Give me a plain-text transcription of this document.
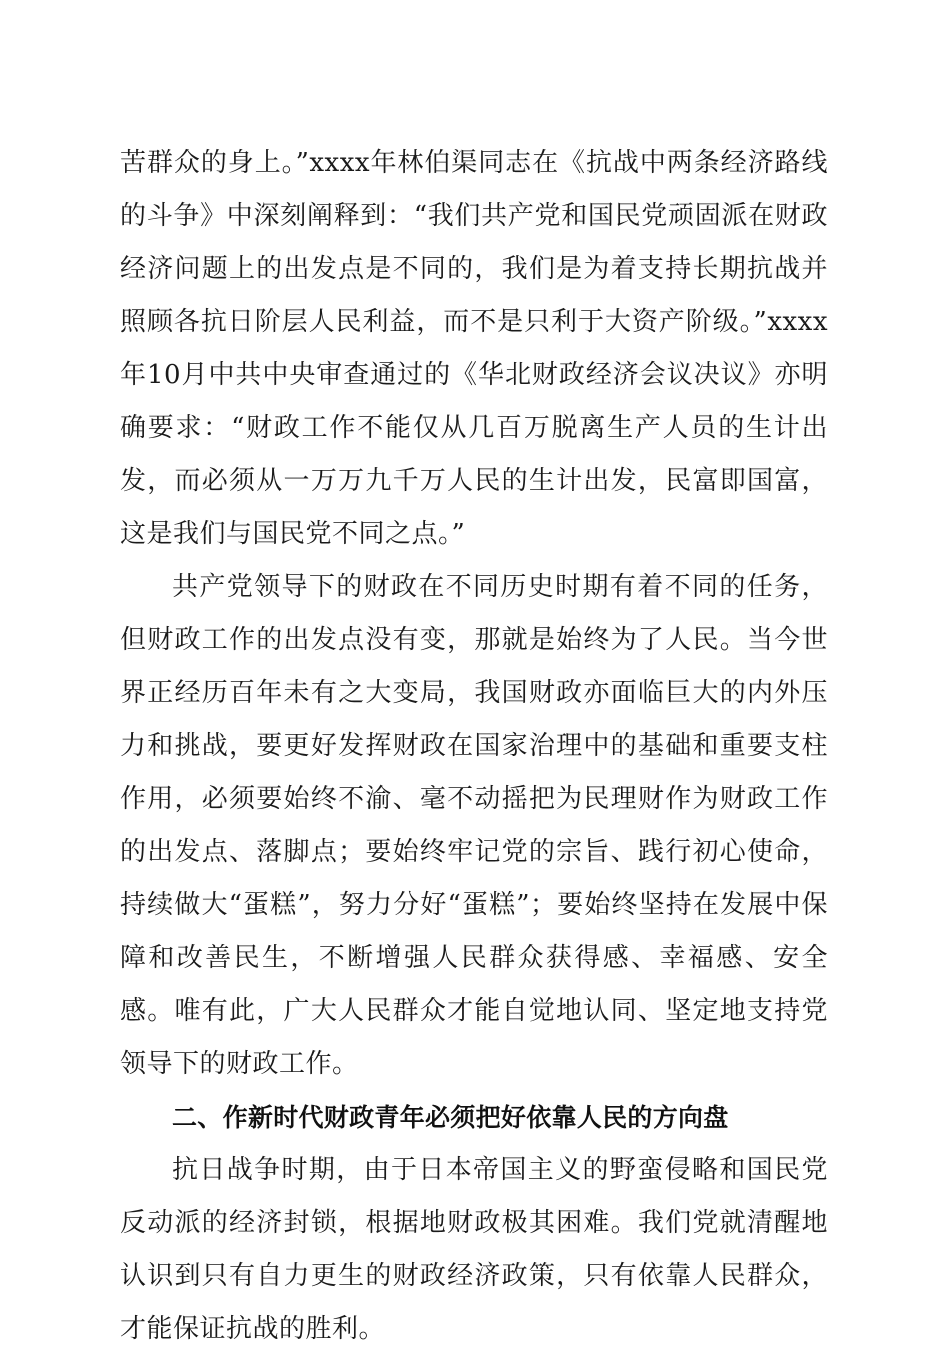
苦群众的身上。”xxxx年林伯渠同志在《抗战中两条经济路线的斗争》中深刻阐释到：“我们共产党和国民党顽固派在财政经济问题上的出发点是不同的，我们是为着支持长期抗战并照顾各抗日阶层人民利益，而不是只利于大资产阶级。”xxxx年10月中共中央审查通过的《华北财政经济会议决议》亦明确要求：“财政工作不能仅从几百万脱离生产人员的生计出发，而必须从一万万九千万人民的生计出发，民富即国富，这是我们与国民党不同之点。”

共产党领导下的财政在不同历史时期有着不同的任务，但财政工作的出发点没有变，那就是始终为了人民。当今世界正经历百年未有之大变局，我国财政亦面临巨大的内外压力和挑战，要更好发挥财政在国家治理中的基础和重要支柱作用，必须要始终不渝、毫不动摇把为民理财作为财政工作的出发点、落脚点；要始终牢记党的宗旨、践行初心使命，持续做大“蛋糕”，努力分好“蛋糕”；要始终坚持在发展中保障和改善民生，不断增强人民群众获得感、幸福感、安全感。唯有此，广大人民群众才能自觉地认同、坚定地支持党领导下的财政工作。

二、作新时代财政青年必须把好依靠人民的方向盘

抗日战争时期，由于日本帝国主义的野蛮侵略和国民党反动派的经济封锁，根据地财政极其困难。我们党就清醒地认识到只有自力更生的财政经济政策，只有依靠人民群众，才能保证抗战的胜利。
